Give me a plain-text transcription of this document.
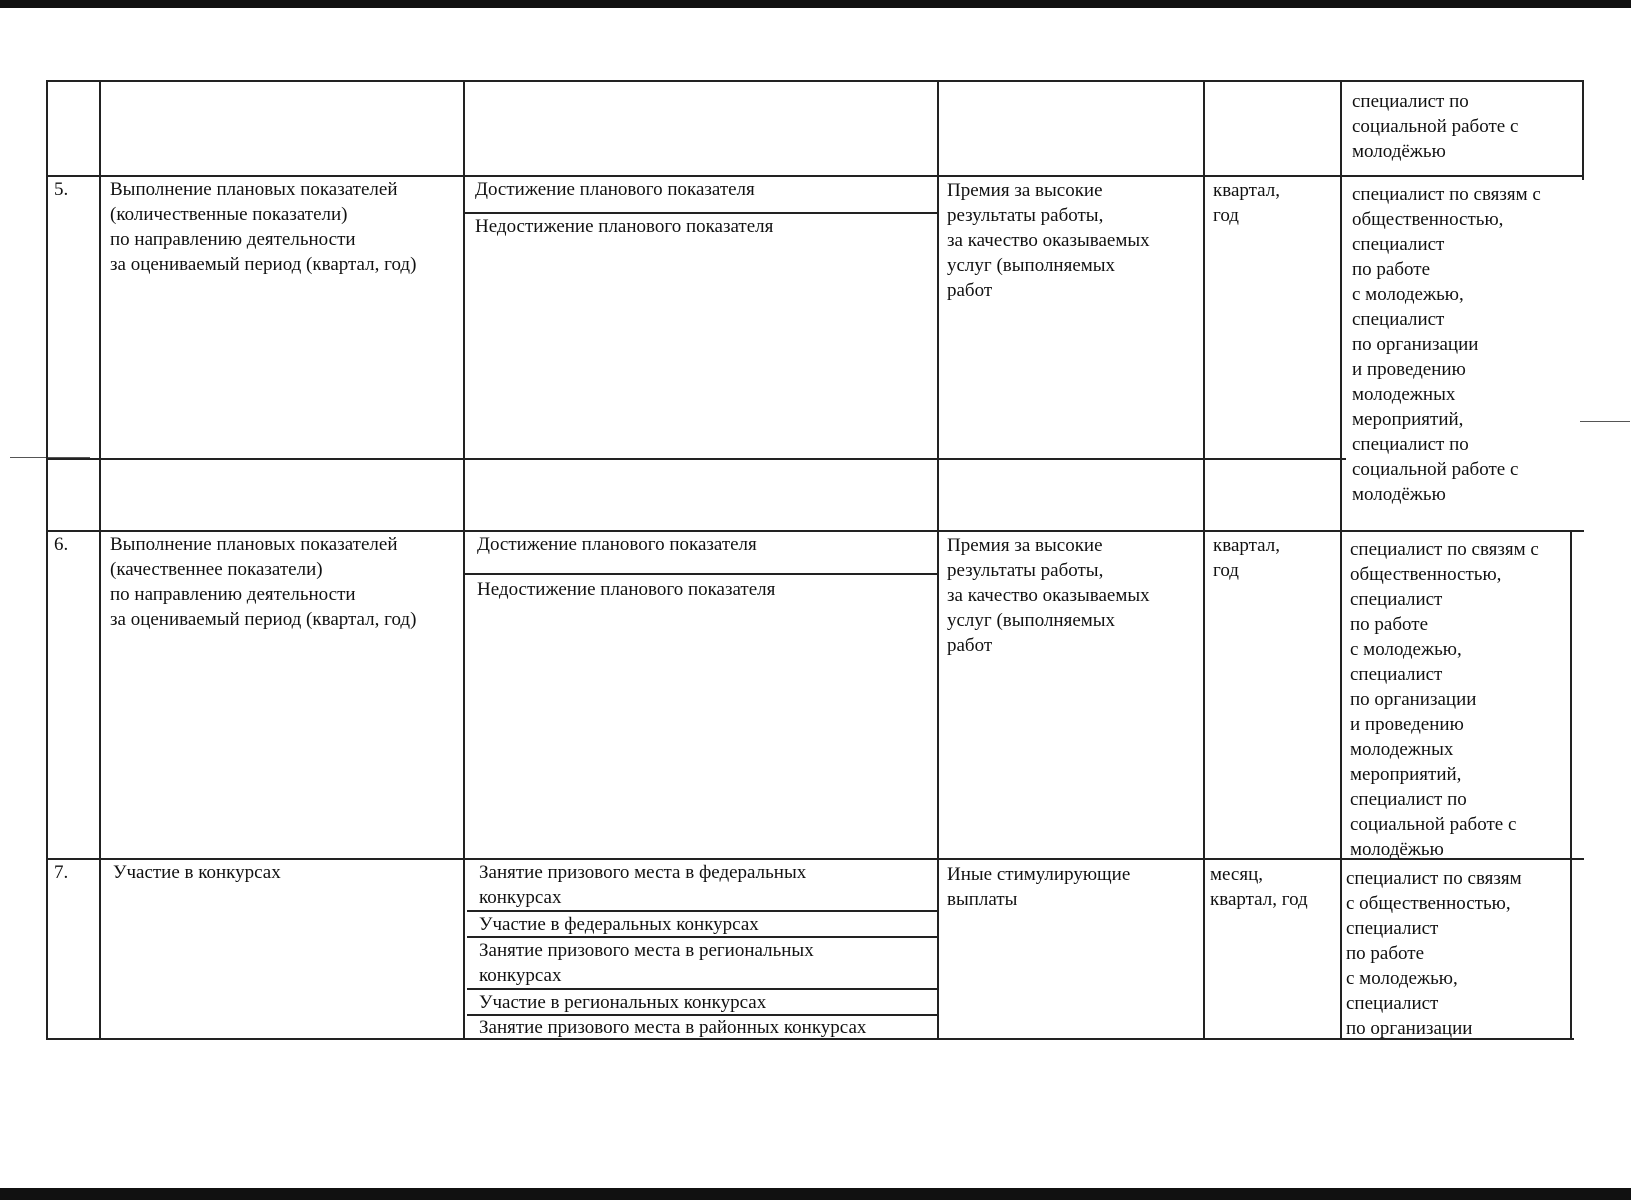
специалист по
социальной работе с
молодёжью
5. Выполнение плановых показателей
(количественные показатели)
по направлению деятельности
за оцениваемый период (квартал, год)
Достижение планового показателя
Недостижение планового показателя
Премия за высокие
результаты работы,
за качество оказываемых
услуг (выполняемых
работ
квартал,
год
специалист по связям с
общественностью,
специалист
по работе
с молодежью,
специалист
по организации
и проведению
молодежных
мероприятий,
специалист по
социальной работе с
молодёжью
6. Выполнение плановых показателей
(качественнее показатели)
по направлению деятельности
за оцениваемый период (квартал, год)
Достижение планового показателя
Недостижение планового показателя
Премия за высокие
результаты работы,
за качество оказываемых
услуг (выполняемых
работ
квартал,
год
специалист по связям с
общественностью,
специалист
по работе
с молодежью,
специалист
по организации
и проведению
молодежных
мероприятий,
специалист по
социальной работе с
молодёжью
7. Участие в конкурсах	Занятие призового места в федеральных
конкурсах
Участие в федеральных конкурсах
Занятие призового места в региональных
конкурсах
Участие в региональных конкурсах
Занятие призового места в районных конкурсах
Иные стимулирующие
выплаты
месяц,
квартал, год
специалист по связям
с общественностью,
специалист
по работе
с молодежью,
специалист
по организации
